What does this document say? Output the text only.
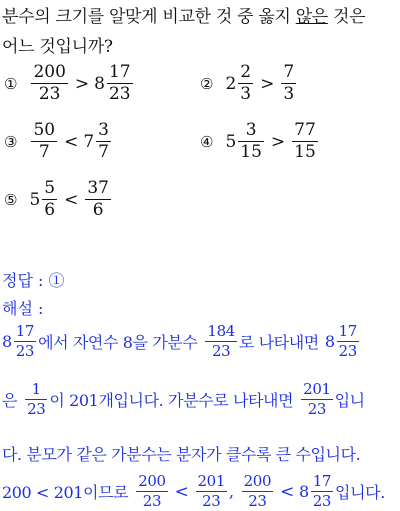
분수의 크기를 알맞게 비교한 것 중 옳지 않은 것은
어느 것입니까?
① $\frac{200}{23} > 8 \frac{17}{23}$	② $2 \frac{2}{3} > \frac{7}{3}$
③ $\frac{50}{7} < 7 \frac{3}{7}$	④ $5 \frac{3}{15} > \frac{77}{15}$
⑤ $5 \frac{5}{6} < \frac{37}{6}$
정답 : ①
해설 :
$8 \frac{17}{23}$ 에서 자연수 8을 가분수 $\frac{184}{23}$ 로 나타내면 $8 \frac{17}{23}$
은 $\frac{1}{23}$ 이 201개입니다. 가분수로 나타내면 $\frac{201}{23}$ 입니
다. 분모가 같은 가분수는 분자가 클수록 큰 수입니다.
200 < 201이므로 $\frac{200}{23} < \frac{201}{23}$ , $\frac{200}{23} < 8 \frac{17}{23}$ 입니다.
